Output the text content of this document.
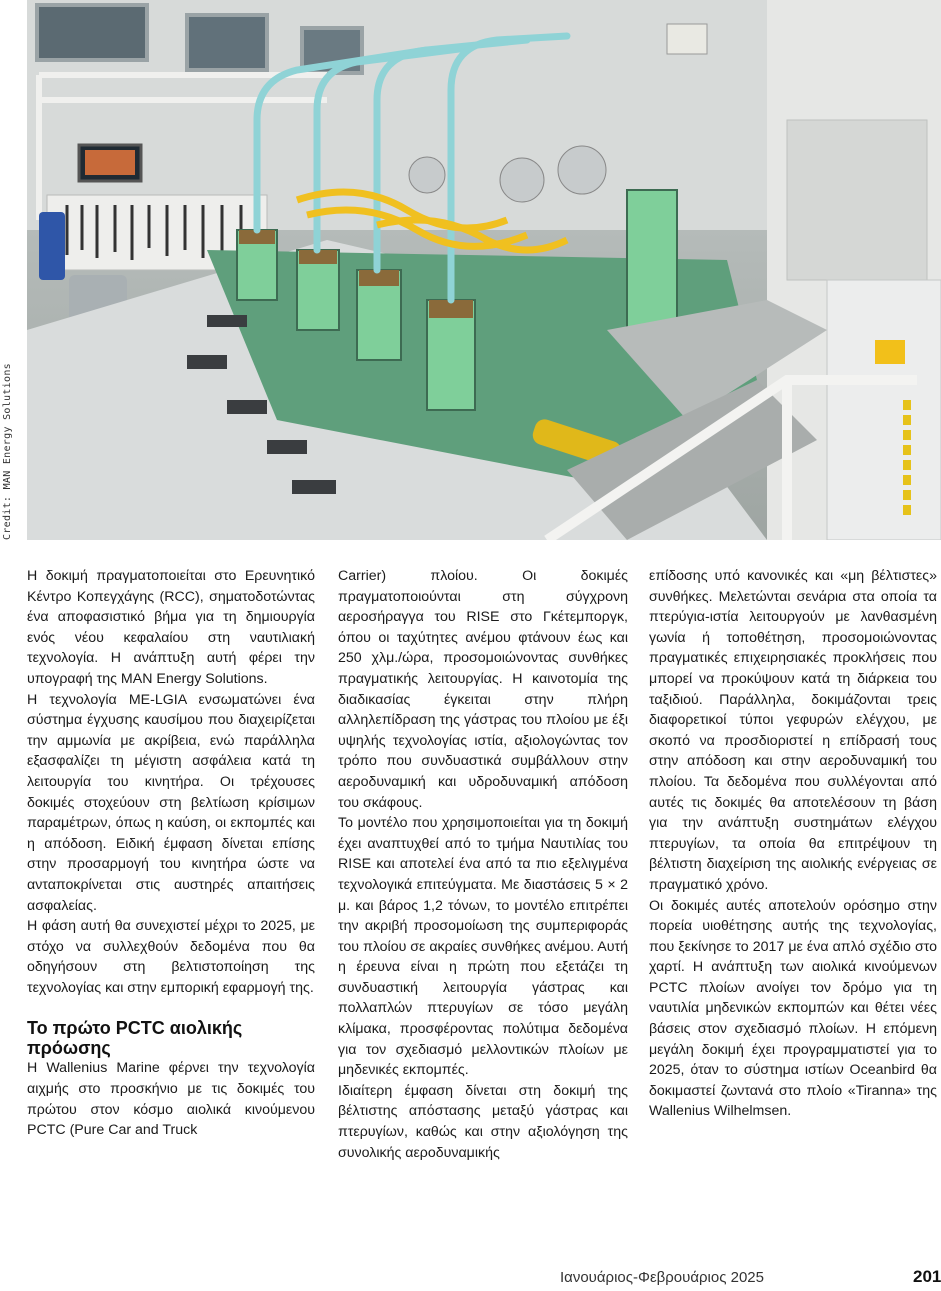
Credit: MAN Energy Solutions

Η δοκιμή πραγματοποιείται στο Ερευνητικό Κέντρο Κοπεγχάγης (RCC), σηματοδοτώντας ένα αποφασιστικό βήμα για τη δημιουργία ενός νέου κεφαλαίου στη ναυτιλιακή τεχνολογία. Η ανάπτυξη αυτή φέρει την υπογραφή της MAN Energy Solutions.

Η τεχνολογία ME-LGIA ενσωματώνει ένα σύστημα έγχυσης καυσίμου που διαχειρίζεται την αμμωνία με ακρίβεια, ενώ παράλληλα εξασφαλίζει τη μέγιστη ασφάλεια κατά τη λειτουργία του κινητήρα. Οι τρέχουσες δοκιμές στοχεύουν στη βελτίωση κρίσιμων παραμέτρων, όπως η καύση, οι εκπομπές και η απόδοση. Ειδική έμφαση δίνεται επίσης στην προσαρμογή του κινητήρα ώστε να ανταποκρίνεται στις αυστηρές απαιτήσεις ασφαλείας.

Η φάση αυτή θα συνεχιστεί μέχρι το 2025, με στόχο να συλλεχθούν δεδομένα που θα οδηγήσουν στη βελτιστοποίηση της τεχνολογίας και στην εμπορική εφαρμογή της.

Το πρώτο PCTC αιολικής πρόωσης

Η Wallenius Marine φέρνει την τεχνολογία αιχμής στο προσκήνιο με τις δοκιμές του πρώτου στον κόσμο αιολικά κινούμενου PCTC (Pure Car and Truck

Carrier) πλοίου. Οι δοκιμές πραγματοποιούνται στη σύγχρονη αεροσήραγγα του RISE στο Γκέτεμποργκ, όπου οι ταχύτητες ανέμου φτάνουν έως και 250 χλμ./ώρα, προσομοιώνοντας συνθήκες πραγματικής λειτουργίας. Η καινοτομία της διαδικασίας έγκειται στην πλήρη αλληλεπίδραση της γάστρας του πλοίου με έξι υψηλής τεχνολογίας ιστία, αξιολογώντας τον τρόπο που συνδυαστικά συμβάλλουν στην αεροδυναμική και υδροδυναμική απόδοση του σκάφους.

Το μοντέλο που χρησιμοποιείται για τη δοκιμή έχει αναπτυχθεί από το τμήμα Ναυτιλίας του RISE και αποτελεί ένα από τα πιο εξελιγμένα τεχνολογικά επιτεύγματα. Με διαστάσεις 5 × 2 μ. και βάρος 1,2 τόνων, το μοντέλο επιτρέπει την ακριβή προσομοίωση της συμπεριφοράς του πλοίου σε ακραίες συνθήκες ανέμου. Αυτή η έρευνα είναι η πρώτη που εξετάζει τη συνδυαστική λειτουργία γάστρας και πολλαπλών πτερυγίων σε τόσο μεγάλη κλίμακα, προσφέροντας πολύτιμα δεδομένα για τον σχεδιασμό μελλοντικών πλοίων με μηδενικές εκπομπές.

Ιδιαίτερη έμφαση δίνεται στη δοκιμή της βέλτιστης απόστασης μεταξύ γάστρας και πτερυγίων, καθώς και στην αξιολόγηση της συνολικής αεροδυναμικής

επίδοσης υπό κανονικές και «μη βέλτιστες» συνθήκες. Μελετώνται σενάρια στα οποία τα πτερύγια-ιστία λειτουργούν με λανθασμένη γωνία ή τοποθέτηση, προσομοιώνοντας πραγματικές επιχειρησιακές προκλήσεις που μπορεί να προκύψουν κατά τη διάρκεια του ταξιδιού. Παράλληλα, δοκιμάζονται τρεις διαφορετικοί τύποι γεφυρών ελέγχου, με σκοπό να προσδιοριστεί η επίδρασή τους στην απόδοση και στην αεροδυναμική του πλοίου. Τα δεδομένα που συλλέγονται από αυτές τις δοκιμές θα αποτελέσουν τη βάση για την ανάπτυξη συστημάτων ελέγχου πτερυγίων, τα οποία θα επιτρέψουν τη βέλτιστη διαχείριση της αιολικής ενέργειας σε πραγματικό χρόνο.

Οι δοκιμές αυτές αποτελούν ορόσημο στην πορεία υιοθέτησης αυτής της τεχνολογίας, που ξεκίνησε το 2017 με ένα απλό σχέδιο στο χαρτί. Η ανάπτυξη των αιολικά κινούμενων PCTC πλοίων ανοίγει τον δρόμο για τη ναυτιλία μηδενικών εκπομπών και θέτει νέες βάσεις στον σχεδιασμό πλοίων. Η επόμενη μεγάλη δοκιμή έχει προγραμματιστεί για το 2025, όταν το σύστημα ιστίων Oceanbird θα δοκιμαστεί ζωντανά στο πλοίο «Tiranna» της Wallenius Wilhelmsen.

Ιανουάριος-Φεβρουάριος 2025	201
